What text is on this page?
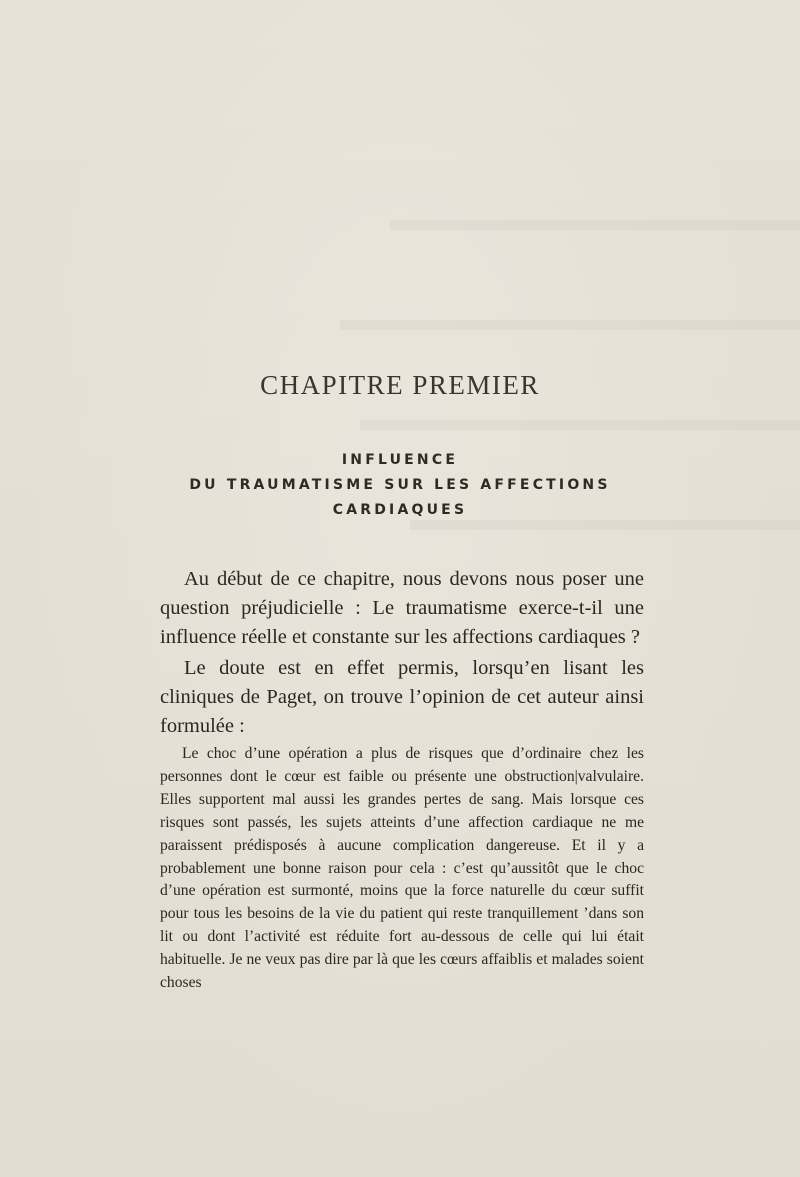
CHAPITRE PREMIER
INFLUENCE
DU TRAUMATISME SUR LES AFFECTIONS
CARDIAQUES

Au début de ce chapitre, nous devons nous poser une question préjudicielle : Le traumatisme exerce-t-il une influence réelle et constante sur les affections cardiaques ?

Le doute est en effet permis, lorsqu’en lisant les cliniques de Paget, on trouve l’opinion de cet auteur ainsi formulée :

Le choc d’une opération a plus de risques que d’ordinaire chez les personnes dont le cœur est faible ou présente une obstruction|valvulaire. Elles supportent mal aussi les grandes pertes de sang. Mais lorsque ces risques sont passés, les sujets atteints d’une affection cardiaque ne me paraissent prédisposés à aucune complication dangereuse. Et il y a probablement une bonne raison pour cela : c’est qu’aussitôt que le choc d’une opération est surmonté, moins que la force naturelle du cœur suffit pour tous les besoins de la vie du patient qui reste tranquillement ’dans son lit ou dont l’activité est réduite fort au-dessous de celle qui lui était habituelle. Je ne veux pas dire par là que les cœurs affaiblis et malades soient choses
